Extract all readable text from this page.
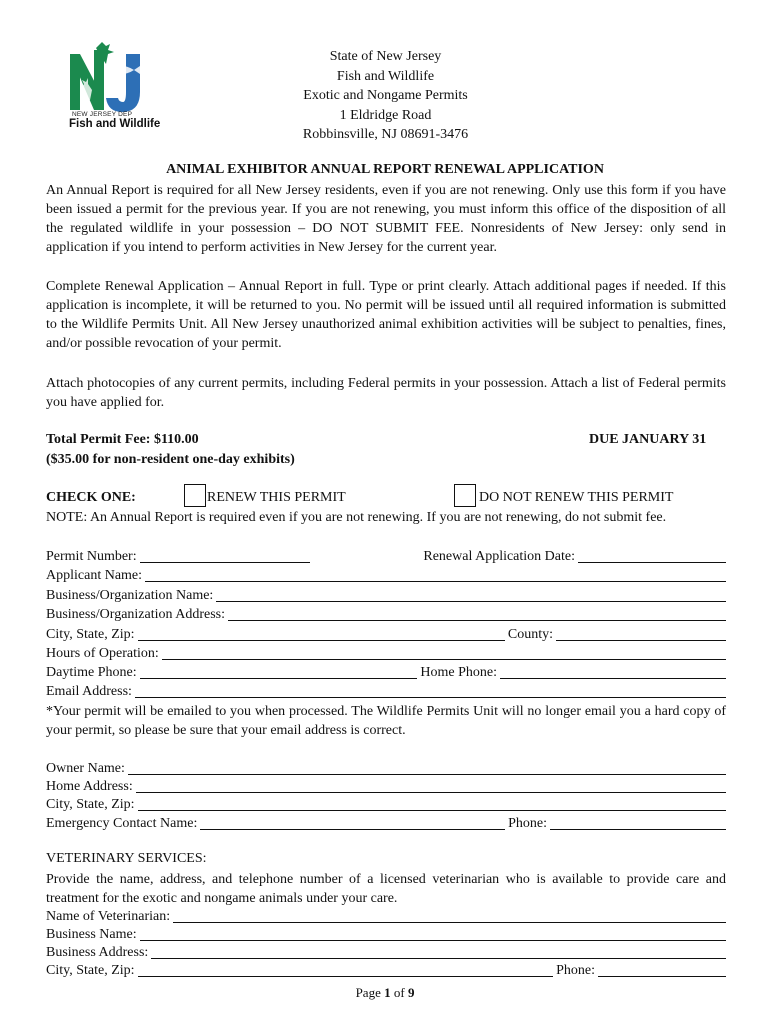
NEW JERSEY DEP
Fish and Wildlife
State of New Jersey
Fish and Wildlife
Exotic and Nongame Permits
1 Eldridge Road
Robbinsville, NJ 08691-3476
ANIMAL EXHIBITOR ANNUAL REPORT RENEWAL APPLICATION

An Annual Report is required for all New Jersey residents, even if you are not renewing. Only use this form if you have been issued a permit for the previous year. If you are not renewing, you must inform this office of the disposition of all the regulated wildlife in your possession – DO NOT SUBMIT FEE. Nonresidents of New Jersey: only send in application if you intend to perform activities in New Jersey for the current year.

Complete Renewal Application – Annual Report in full. Type or print clearly. Attach additional pages if needed. If this application is incomplete, it will be returned to you. No permit will be issued until all required information is submitted to the Wildlife Permits Unit. All New Jersey unauthorized animal exhibition activities will be subject to penalties, fines, and/or possible revocation of your permit.

Attach photocopies of any current permits, including Federal permits in your possession. Attach a list of Federal permits you have applied for.

Total Permit Fee: $110.00	DUE JANUARY 31
($35.00 for non-resident one-day exhibits)
CHECK ONE:	RENEW THIS PERMIT	DO NOT RENEW THIS PERMIT
NOTE: An Annual Report is required even if you are not renewing. If you are not renewing, do not submit fee.
Permit Number:	Renewal Application Date:
Applicant Name:
Business/Organization Name:
Business/Organization Address:
City, State, Zip:	County:
Hours of Operation:
Daytime Phone:	Home Phone:
Email Address:

*Your permit will be emailed to you when processed. The Wildlife Permits Unit will no longer email you a hard copy of your permit, so please be sure that your email address is correct.

Owner Name:
Home Address:
City, State, Zip:
Emergency Contact Name:	Phone:
VETERINARY SERVICES:

Provide the name, address, and telephone number of a licensed veterinarian who is available to provide care and treatment for the exotic and nongame animals under your care.

Name of Veterinarian:
Business Name:
Business Address:
City, State, Zip:	Phone:
Page 1 of 9
